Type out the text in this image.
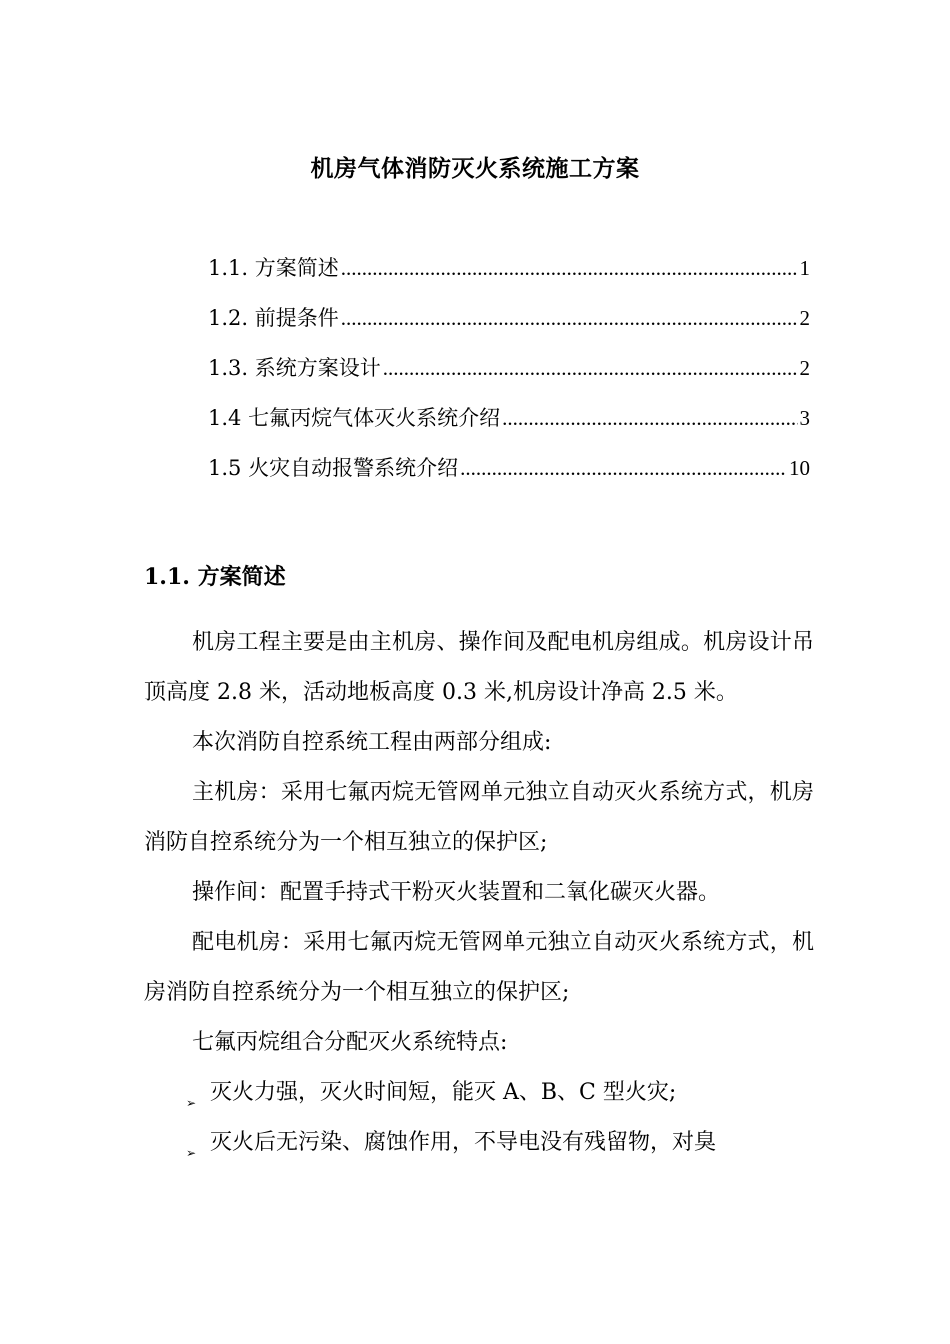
机房气体消防灭火系统施工方案
1.1. 方案简述 .....	1
1.2. 前提条件 .....	2
1.3. 系统方案设计 .....	2
1.4 七氟丙烷气体灭火系统介绍 .....	3
1.5 火灾自动报警系统介绍 .....	10
1.1. 方案简述

机房工程主要是由主机房、操作间及配电机房组成。机房设计吊顶高度 2.8 米，活动地板高度 0.3 米,机房设计净高 2.5 米。

本次消防自控系统工程由两部分组成:

主机房：采用七氟丙烷无管网单元独立自动灭火系统方式，机房消防自控系统分为一个相互独立的保护区;

操作间：配置手持式干粉灭火装置和二氧化碳灭火器。

配电机房：采用七氟丙烷无管网单元独立自动灭火系统方式，机房消防自控系统分为一个相互独立的保护区;

七氟丙烷组合分配灭火系统特点:

➢ 灭火力强，灭火时间短，能灭 A、B、C 型火灾;
➢ 灭火后无污染、腐蚀作用，不导电没有残留物，对臭
